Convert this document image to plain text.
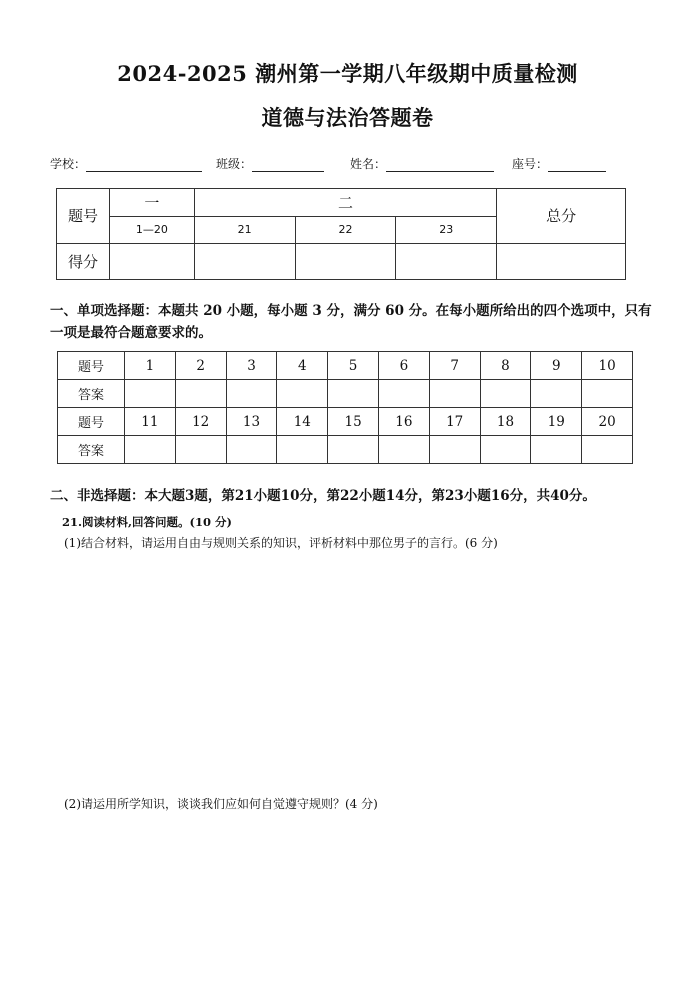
2024-2025 潮州第一学期八年级期中质量检测
道德与法治答题卷
学校：	班级：	姓名：	座号：
题号	一	二			总分
	1—20	21	22	23	
得分					
一、单项选择题：本题共 20 小题，每小题 3 分，满分 60 分。在每小题所给出的四个选项中，只有一项是最符合题意要求的。
题号	1	2	3	4	5	6	7	8	9	10
答案										
题号	11	12	13	14	15	16	17	18	19	20
答案										
二、非选择题：本大题3题，第21小题10分，第22小题14分，第23小题16分，共40分。
21.阅读材料,回答问题。(10 分)
(1)结合材料，请运用自由与规则关系的知识，评析材料中那位男子的言行。(6 分)
(2)请运用所学知识，谈谈我们应如何自觉遵守规则？(4 分)
